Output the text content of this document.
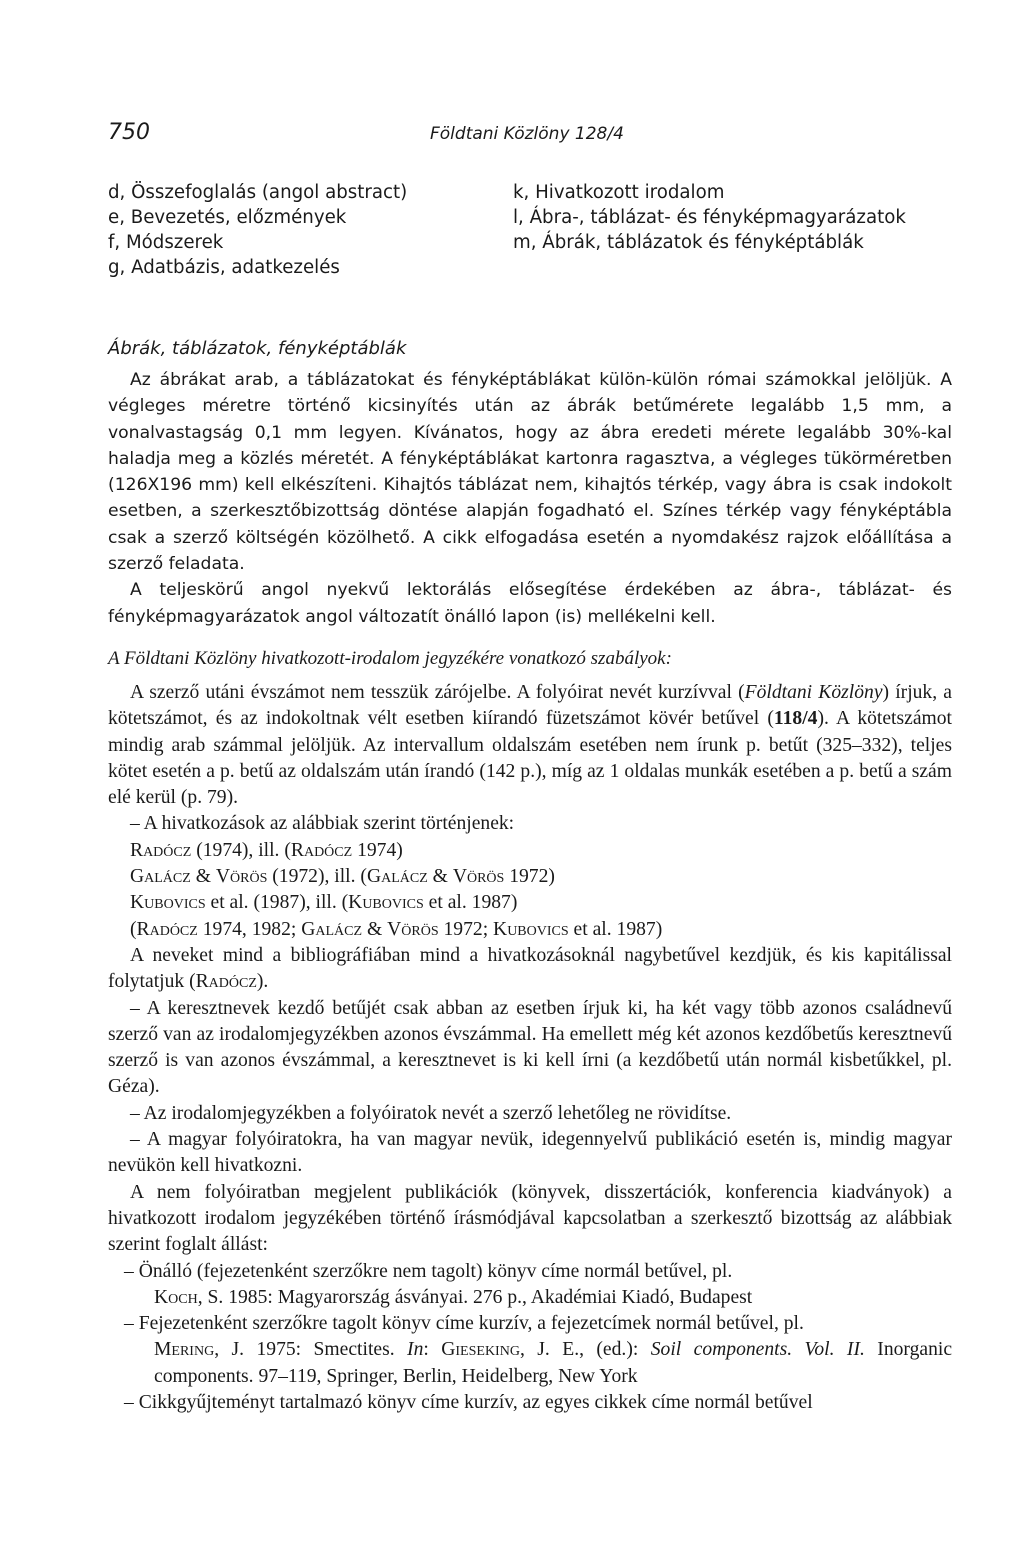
750	Földtani Közlöny 128/4
d, Összefoglalás (angol abstract)
e, Bevezetés, előzmények
f, Módszerek
g, Adatbázis, adatkezelés
k, Hivatkozott irodalom
l, Ábra-, táblázat- és fényképmagyarázatok
m, Ábrák, táblázatok és fényképtáblák
Ábrák, táblázatok, fényképtáblák

Az ábrákat arab, a táblázatokat és fényképtáblákat külön-külön római számokkal jelöljük. A végleges méretre történő kicsinyítés után az ábrák betűmérete legalább 1,5 mm, a vonalvastagság 0,1 mm legyen. Kívánatos, hogy az ábra eredeti mérete legalább 30%-kal haladja meg a közlés méretét. A fényképtáblákat kartonra ragasztva, a végleges tükörméretben (126X196 mm) kell elkészíteni. Kihajtós táblázat nem, kihajtós térkép, vagy ábra is csak indokolt esetben, a szerkesztőbizottság döntése alapján fogadható el. Színes térkép vagy fényképtábla csak a szerző költségén közölhető. A cikk elfogadása esetén a nyomdakész rajzok előállítása a szerző feladata.

A teljeskörű angol nyekvű lektorálás elősegítése érdekében az ábra-, táblázat- és fényképmagyarázatok angol változatít önálló lapon (is) mellékelni kell.

A Földtani Közlöny hivatkozott-irodalom jegyzékére vonatkozó szabályok:

A szerző utáni évszámot nem tesszük zárójelbe. A folyóirat nevét kurzívval (Földtani Közlöny) írjuk, a kötetszámot, és az indokoltnak vélt esetben kiírandó füzetszámot kövér betűvel (118/4). A kötetszámot mindig arab számmal jelöljük. Az intervallum oldalszám esetében nem írunk p. betűt (325–332), teljes kötet esetén a p. betű az oldalszám után írandó (142 p.), míg az 1 oldalas munkák esetében a p. betű a szám elé kerül (p. 79).

– A hivatkozások az alábbiak szerint történjenek:

Radócz (1974), ill. (Radócz 1974)

Galácz & Vörös (1972), ill. (Galácz & Vörös 1972)

Kubovics et al. (1987), ill. (Kubovics et al. 1987)

(Radócz 1974, 1982; Galácz & Vörös 1972; Kubovics et al. 1987)

A neveket mind a bibliográfiában mind a hivatkozásoknál nagybetűvel kezdjük, és kis kapitálissal folytatjuk (Radócz).

– A keresztnevek kezdő betűjét csak abban az esetben írjuk ki, ha két vagy több azonos családnevű szerző van az irodalomjegyzékben azonos évszámmal. Ha emellett még két azonos kezdőbetűs keresztnevű szerző is van azonos évszámmal, a keresztnevet is ki kell írni (a kezdőbetű után normál kisbetűkkel, pl. Géza).

– Az irodalomjegyzékben a folyóiratok nevét a szerző lehetőleg ne rövidítse.

– A magyar folyóiratokra, ha van magyar nevük, idegennyelvű publikáció esetén is, mindig magyar nevükön kell hivatkozni.

A nem folyóiratban megjelent publikációk (könyvek, disszertációk, konferencia kiadványok) a hivatkozott irodalom jegyzékében történő írásmódjával kapcsolatban a szerkesztő bizottság az alábbiak szerint foglalt állást:

– Önálló (fejezetenként szerzőkre nem tagolt) könyv címe normál betűvel, pl.
Koch, S. 1985: Magyarország ásványai. 276 p., Akadémiai Kiadó, Budapest

– Fejezetenként szerzőkre tagolt könyv címe kurzív, a fejezetcímek normál betűvel, pl.
Mering, J. 1975: Smectites. In: Gieseking, J. E., (ed.): Soil components. Vol. II. Inorganic components. 97–119, Springer, Berlin, Heidelberg, New York

– Cikkgyűjteményt tartalmazó könyv címe kurzív, az egyes cikkek címe normál betűvel
